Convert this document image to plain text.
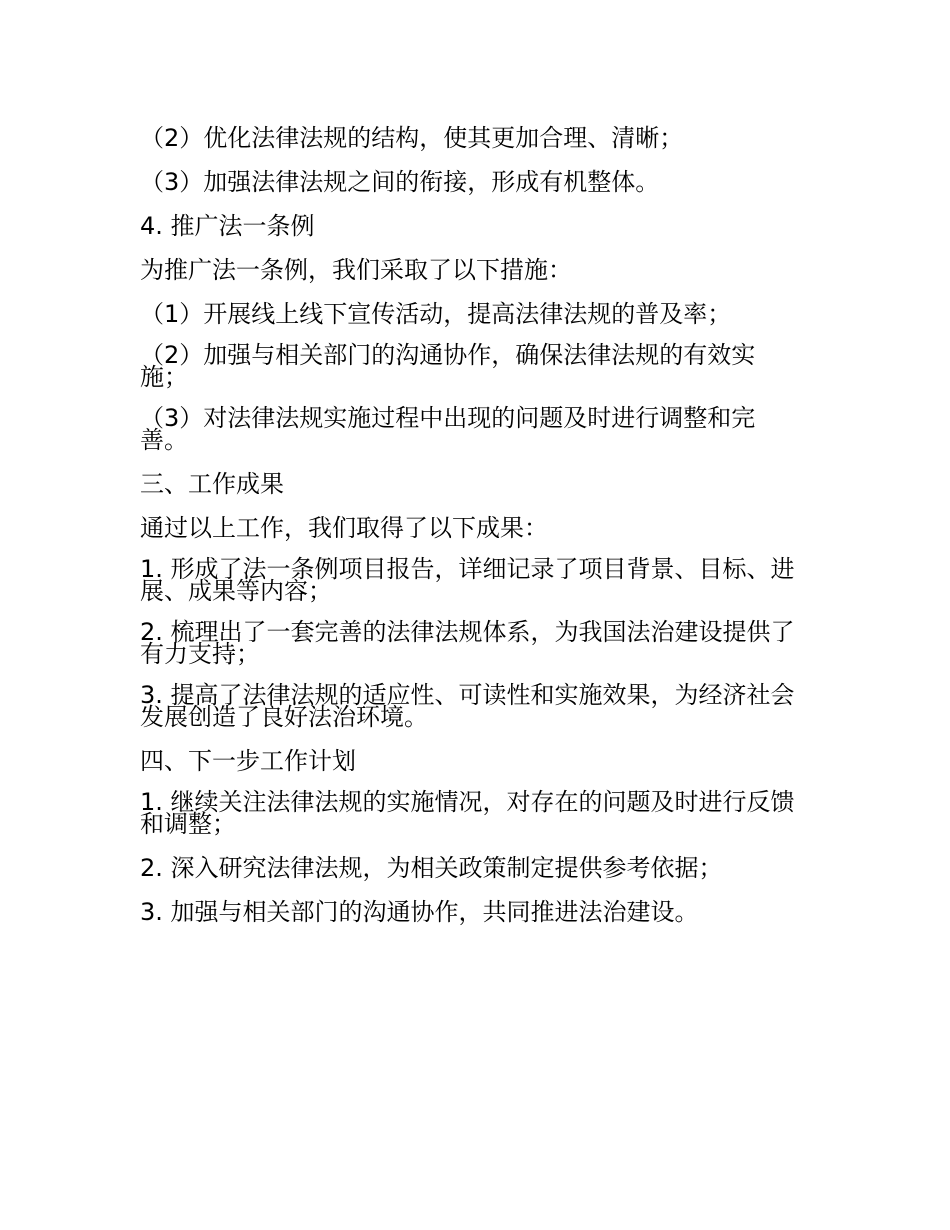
（2）优化法律法规的结构，使其更加合理、清晰；

（3）加强法律法规之间的衔接，形成有机整体。

4. 推广法一条例

为推广法一条例，我们采取了以下措施：

（1）开展线上线下宣传活动，提高法律法规的普及率；

（2）加强与相关部门的沟通协作，确保法律法规的有效实施；

（3）对法律法规实施过程中出现的问题及时进行调整和完善。

三、工作成果

通过以上工作，我们取得了以下成果：

1. 形成了法一条例项目报告，详细记录了项目背景、目标、进展、成果等内容；

2. 梳理出了一套完善的法律法规体系，为我国法治建设提供了有力支持；

3. 提高了法律法规的适应性、可读性和实施效果，为经济社会发展创造了良好法治环境。

四、下一步工作计划

1. 继续关注法律法规的实施情况，对存在的问题及时进行反馈和调整；

2. 深入研究法律法规，为相关政策制定提供参考依据；

3. 加强与相关部门的沟通协作，共同推进法治建设。
